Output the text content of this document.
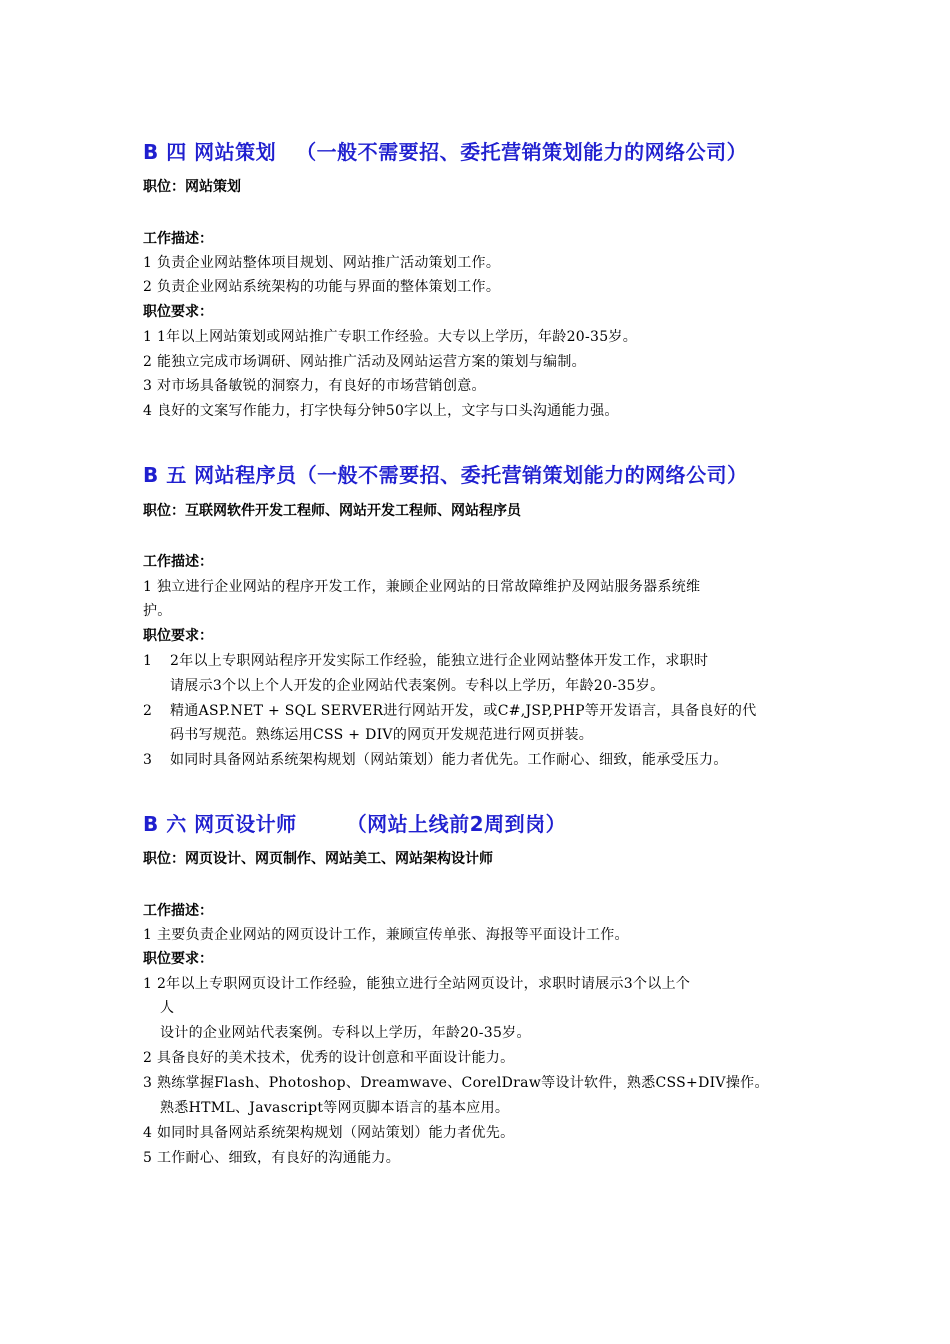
B 四 网站策划 （一般不需要招、委托营销策划能力的网络公司）
职位：网站策划
工作描述：
1 负责企业网站整体项目规划、网站推广活动策划工作。
2 负责企业网站系统架构的功能与界面的整体策划工作。
职位要求：
1 1年以上网站策划或网站推广专职工作经验。大专以上学历，年龄20-35岁。
2 能独立完成市场调研、网站推广活动及网站运营方案的策划与编制。
3 对市场具备敏锐的洞察力，有良好的市场营销创意。
4 良好的文案写作能力，打字快每分钟50字以上，文字与口头沟通能力强。
B 五 网站程序员（一般不需要招、委托营销策划能力的网络公司）
职位：互联网软件开发工程师、网站开发工程师、网站程序员
工作描述：
1 独立进行企业网站的程序开发工作，兼顾企业网站的日常故障维护及网站服务器系统维
护。
职位要求：
1 2年以上专职网站程序开发实际工作经验，能独立进行企业网站整体开发工作，求职时
请展示3个以上个人开发的企业网站代表案例。专科以上学历，年龄20-35岁。
2 精通ASP.NET + SQL SERVER进行网站开发，或C#,JSP,PHP等开发语言，具备良好的代
码书写规范。熟练运用CSS + DIV的网页开发规范进行网页拼装。
3 如同时具备网站系统架构规划（网站策划）能力者优先。工作耐心、细致，能承受压力。
B 六 网页设计师	（网站上线前2周到岗）
职位：网页设计、网页制作、网站美工、网站架构设计师
工作描述：
1 主要负责企业网站的网页设计工作，兼顾宣传单张、海报等平面设计工作。
职位要求：
1 2年以上专职网页设计工作经验，能独立进行全站网页设计，求职时请展示3个以上个
人
设计的企业网站代表案例。专科以上学历，年龄20-35岁。
2 具备良好的美术技术，优秀的设计创意和平面设计能力。
3 熟练掌握Flash、Photoshop、Dreamwave、CorelDraw等设计软件，熟悉CSS+DIV操作。
熟悉HTML、Javascript等网页脚本语言的基本应用。
4 如同时具备网站系统架构规划（网站策划）能力者优先。
5 工作耐心、细致，有良好的沟通能力。
